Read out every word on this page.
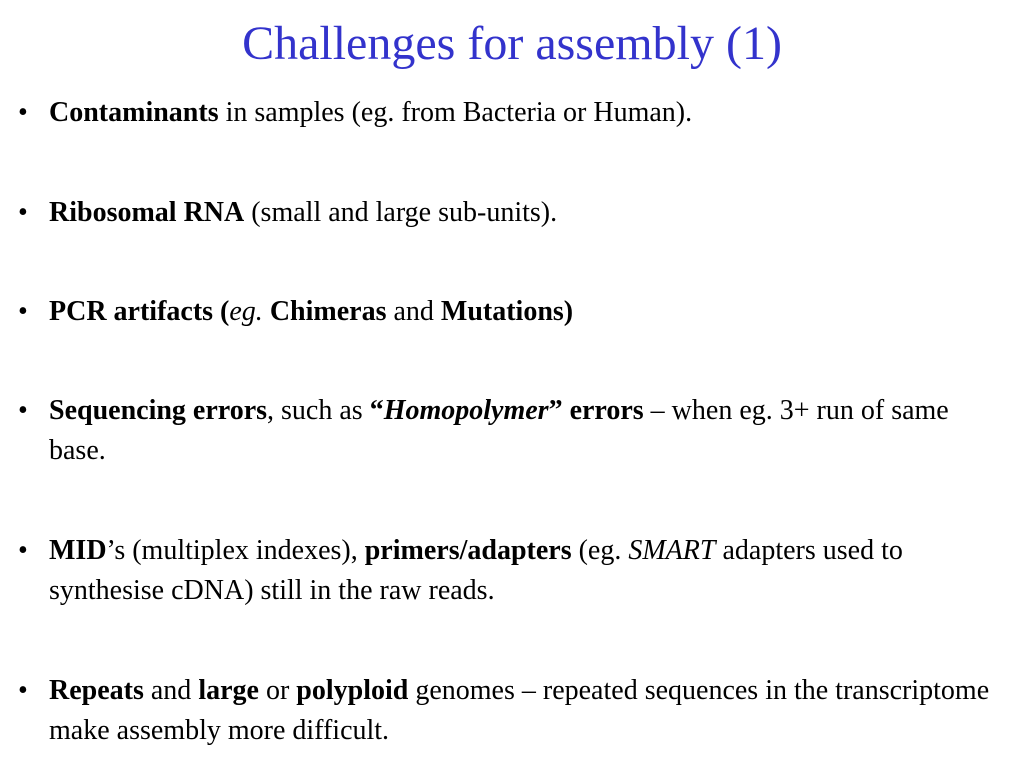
Challenges for assembly (1)
• Contaminants in samples (eg. from Bacteria or Human).
• Ribosomal RNA (small and large sub-units).
• PCR artifacts (eg. Chimeras and Mutations)
• Sequencing errors, such as “Homopolymer” errors – when eg. 3+ run of same base.
• MID’s (multiplex indexes), primers/adapters (eg. SMART adapters used to synthesise cDNA) still in the raw reads.
• Repeats and large or polyploid genomes – repeated sequences in the transcriptome make assembly more difficult.
